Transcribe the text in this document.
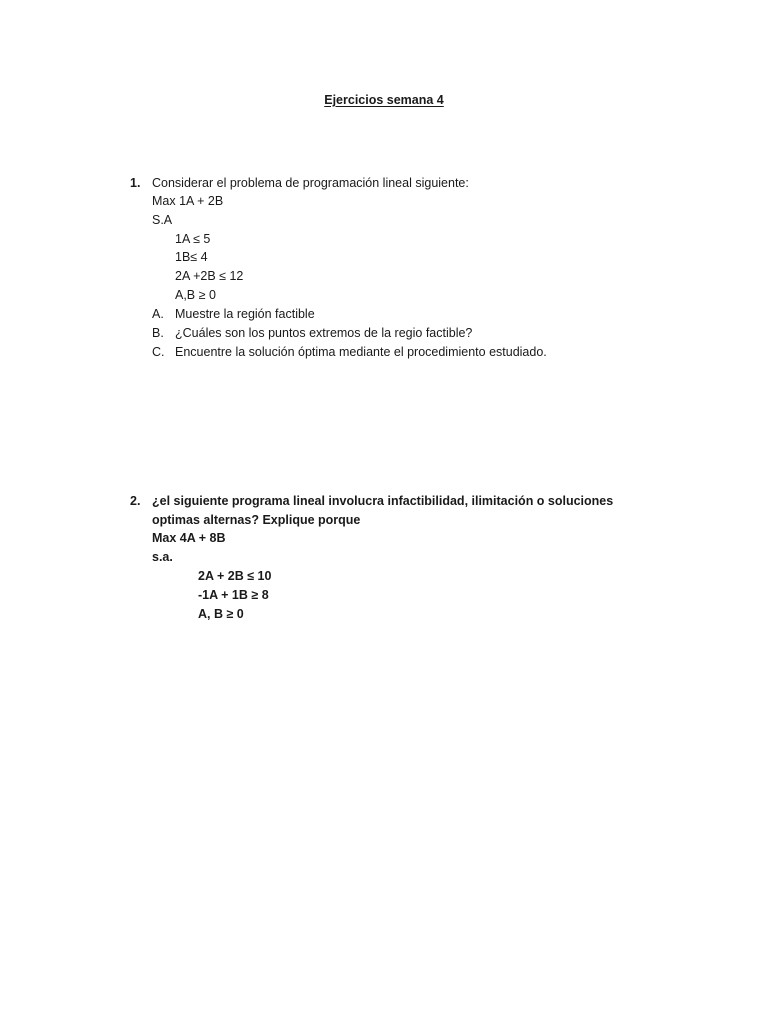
Ejercicios semana 4
1. Considerar el problema de programación lineal siguiente:
Max 1A + 2B
S.A
1A ≤ 5
1B≤ 4
2A +2B ≤ 12
A,B ≥ 0
A. Muestre la región factible
B. ¿Cuáles son los puntos extremos de la regio factible?
C. Encuentre la solución óptima mediante el procedimiento estudiado.
2. ¿el siguiente programa lineal involucra infactibilidad, ilimitación o soluciones
optimas alternas? Explique porque
Max 4A + 8B
s.a.
2A + 2B ≤ 10
-1A + 1B ≥ 8
A, B ≥ 0
